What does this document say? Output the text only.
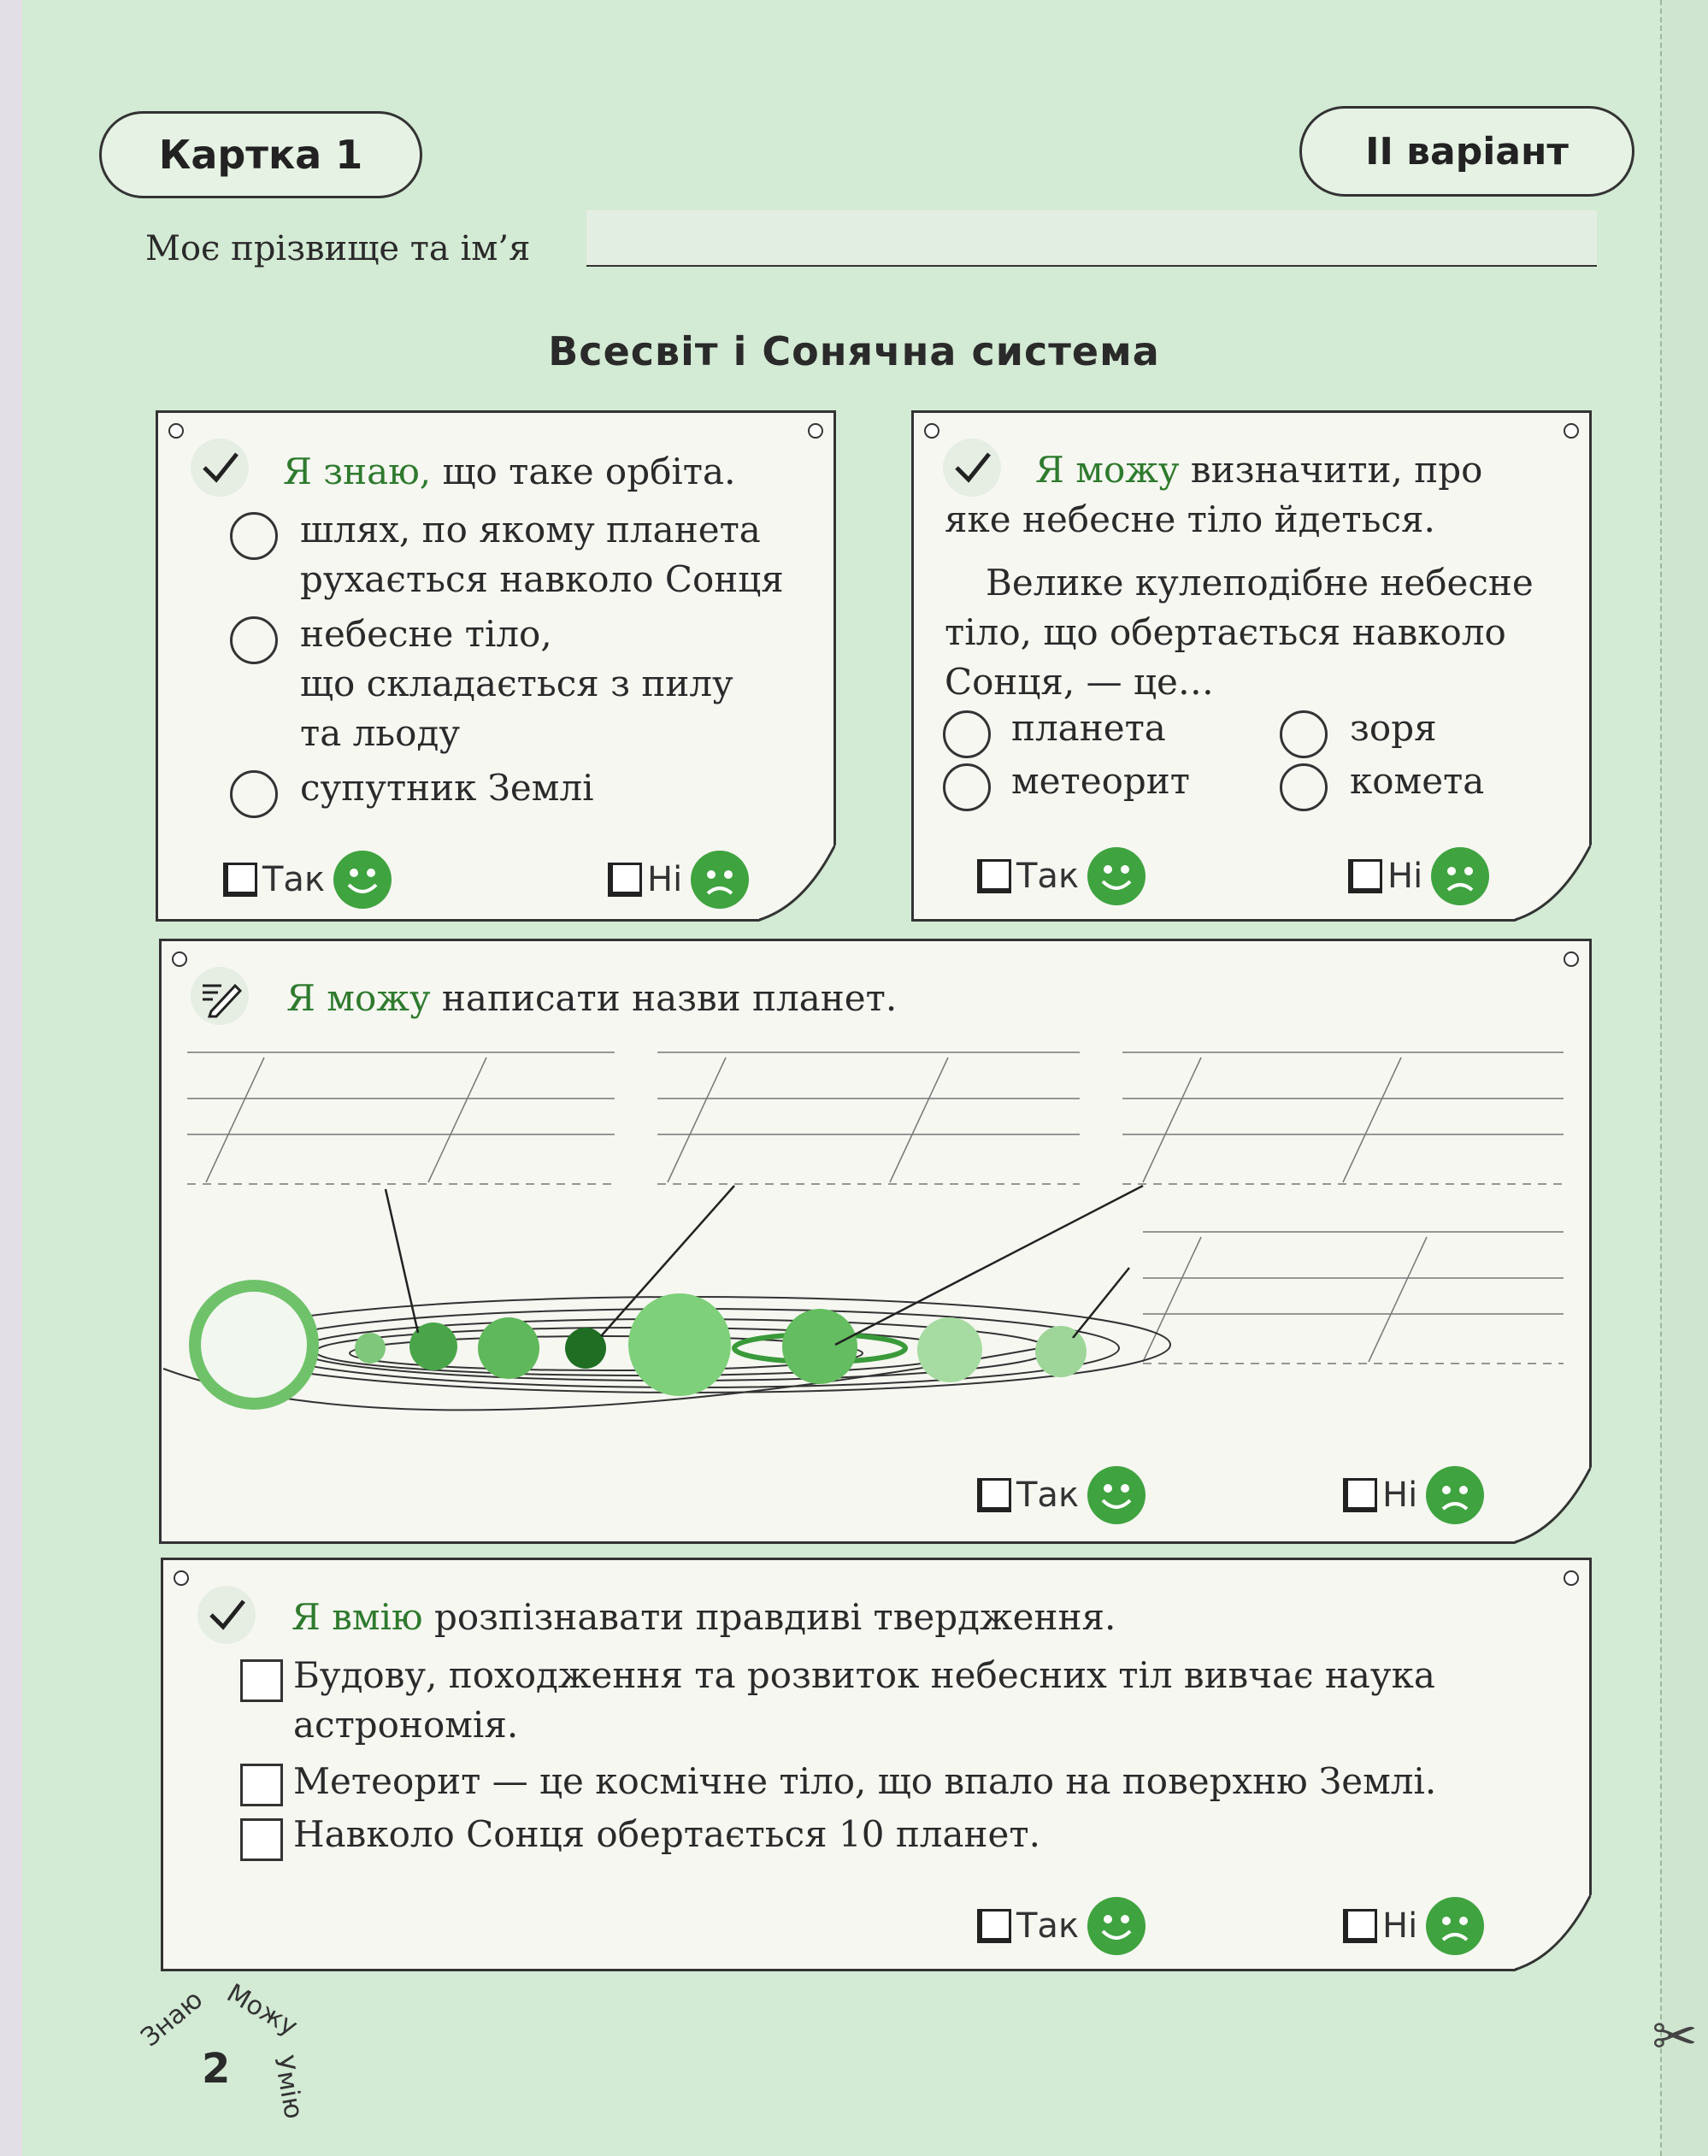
Картка 1	II варіант
Моє прізвище та ім’я
Всесвіт і Сонячна система
Я знаю, що таке орбіта.
шлях, по якому планета
рухається навколо Сонця
небесне тіло,
що складається з пилу
та льоду
супутник Землі
Так	Ні
Я можу визначити, про
яке небесне тіло йдеться.
Велике кулеподібне небесне
тіло, що обертається навколо
Сонця, — це…
планета	зоря
метеорит	комета
Так	Ні
Я можу написати назви планет.
Так	Ні
Я вмію розпізнавати правдиві твердження.
Будову, походження та розвиток небесних тіл вивчає наука
астрономія.
Метеорит — це космічне тіло, що впало на поверхню Землі.
Навколо Сонця обертається 10 планет.
Так	Ні
Знаю Можу
Умію
2	✂
